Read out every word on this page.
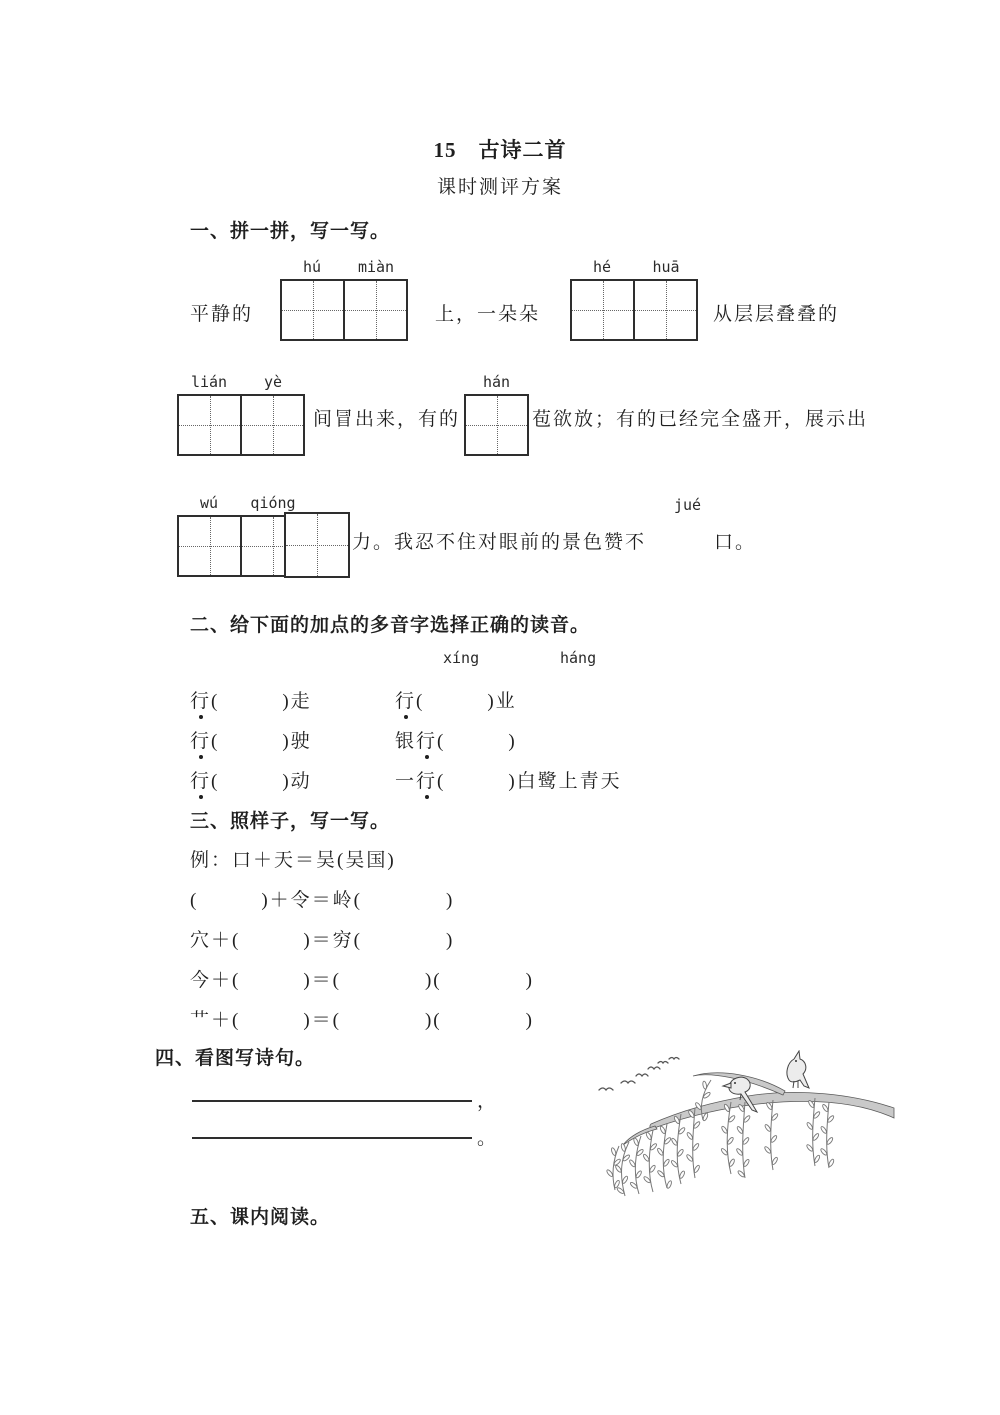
15　古诗二首
课时测评方案
一、拼一拼，写一写。
平静的
hú	miàn
上，一朵朵
hé	huā
从层层叠叠的
lián	yè
间冒出来，有的
hán
苞欲放；有的已经完全盛开，展示出
wú	qióng
力。我忍不住对眼前的景色赞不
jué
口。
二、给下面的加点的多音字选择正确的读音。
xíng	háng
行(　　　)走	行(　　　)业
行(　　　)驶	银行(　　　)
行(　　　)动	一行(　　　)白鹭上青天
三、照样子，写一写。
例：口＋天＝吴(吴国)
(　　　)＋令＝岭(　　　　)
穴＋(　　　)＝穷(　　　　)
今＋(　　　)＝(　　　　)(　　　　)
艹＋(　　　)＝(　　　　)(　　　　)
四、看图写诗句。
，
。
五、课内阅读。
